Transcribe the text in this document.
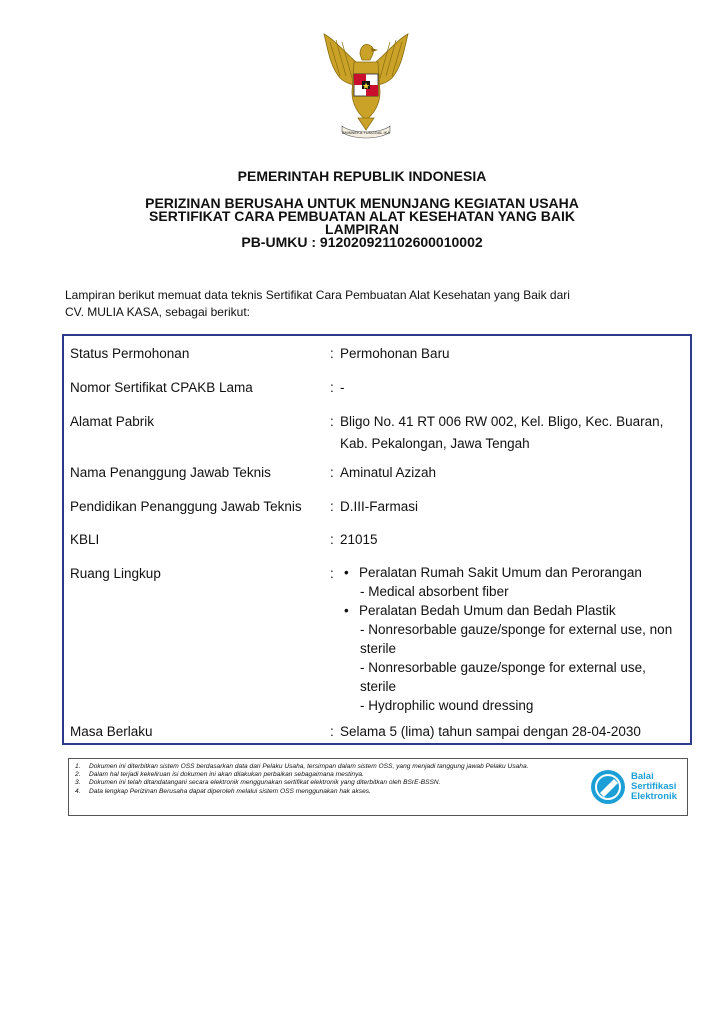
BHINNEKA TUNGGAL IKA
PEMERINTAH REPUBLIK INDONESIA
PERIZINAN BERUSAHA UNTUK MENUNJANG KEGIATAN USAHA
SERTIFIKAT CARA PEMBUATAN ALAT KESEHATAN YANG BAIK
LAMPIRAN
PB-UMKU : 912020921102600010002
Lampiran berikut memuat data teknis Sertifikat Cara Pembuatan Alat Kesehatan yang Baik dari
CV. MULIA KASA, sebagai berikut:
Status Permohonan	: Permohonan Baru
Nomor Sertifikat CPAKB Lama	: -
Alamat Pabrik	: Bligo No. 41 RT 006 RW 002, Kel. Bligo, Kec. Buaran,
Kab. Pekalongan, Jawa Tengah
Nama Penanggung Jawab Teknis	: Aminatul Azizah
Pendidikan Penanggung Jawab Teknis : D.III-Farmasi
KBLI	: 21015
Ruang Lingkup	: • Peralatan Rumah Sakit Umum dan Perorangan
- Medical absorbent fiber
• Peralatan Bedah Umum dan Bedah Plastik
- Nonresorbable gauze/sponge for external use, non sterile
- Nonresorbable gauze/sponge for external use, sterile
- Hydrophilic wound dressing
Masa Berlaku	: Selama 5 (lima) tahun sampai dengan 28-04-2030
1. Dokumen ini diterbitkan sistem OSS berdasarkan data dari Pelaku Usaha, tersimpan dalam sistem OSS, yang menjadi tanggung jawab Pelaku Usaha.
2. Dalam hal terjadi kekeliruan isi dokumen ini akan dilakukan perbaikan sebagaimana mestinya.
3. Dokumen ini telah ditandatangani secara elektronik menggunakan sertifikat elektronik yang diterbitkan oleh BSrE-BSSN.
4. Data lengkap Perizinan Berusaha dapat diperoleh melalui sistem OSS menggunakan hak akses.
Balai
Sertifikasi
Elektronik
